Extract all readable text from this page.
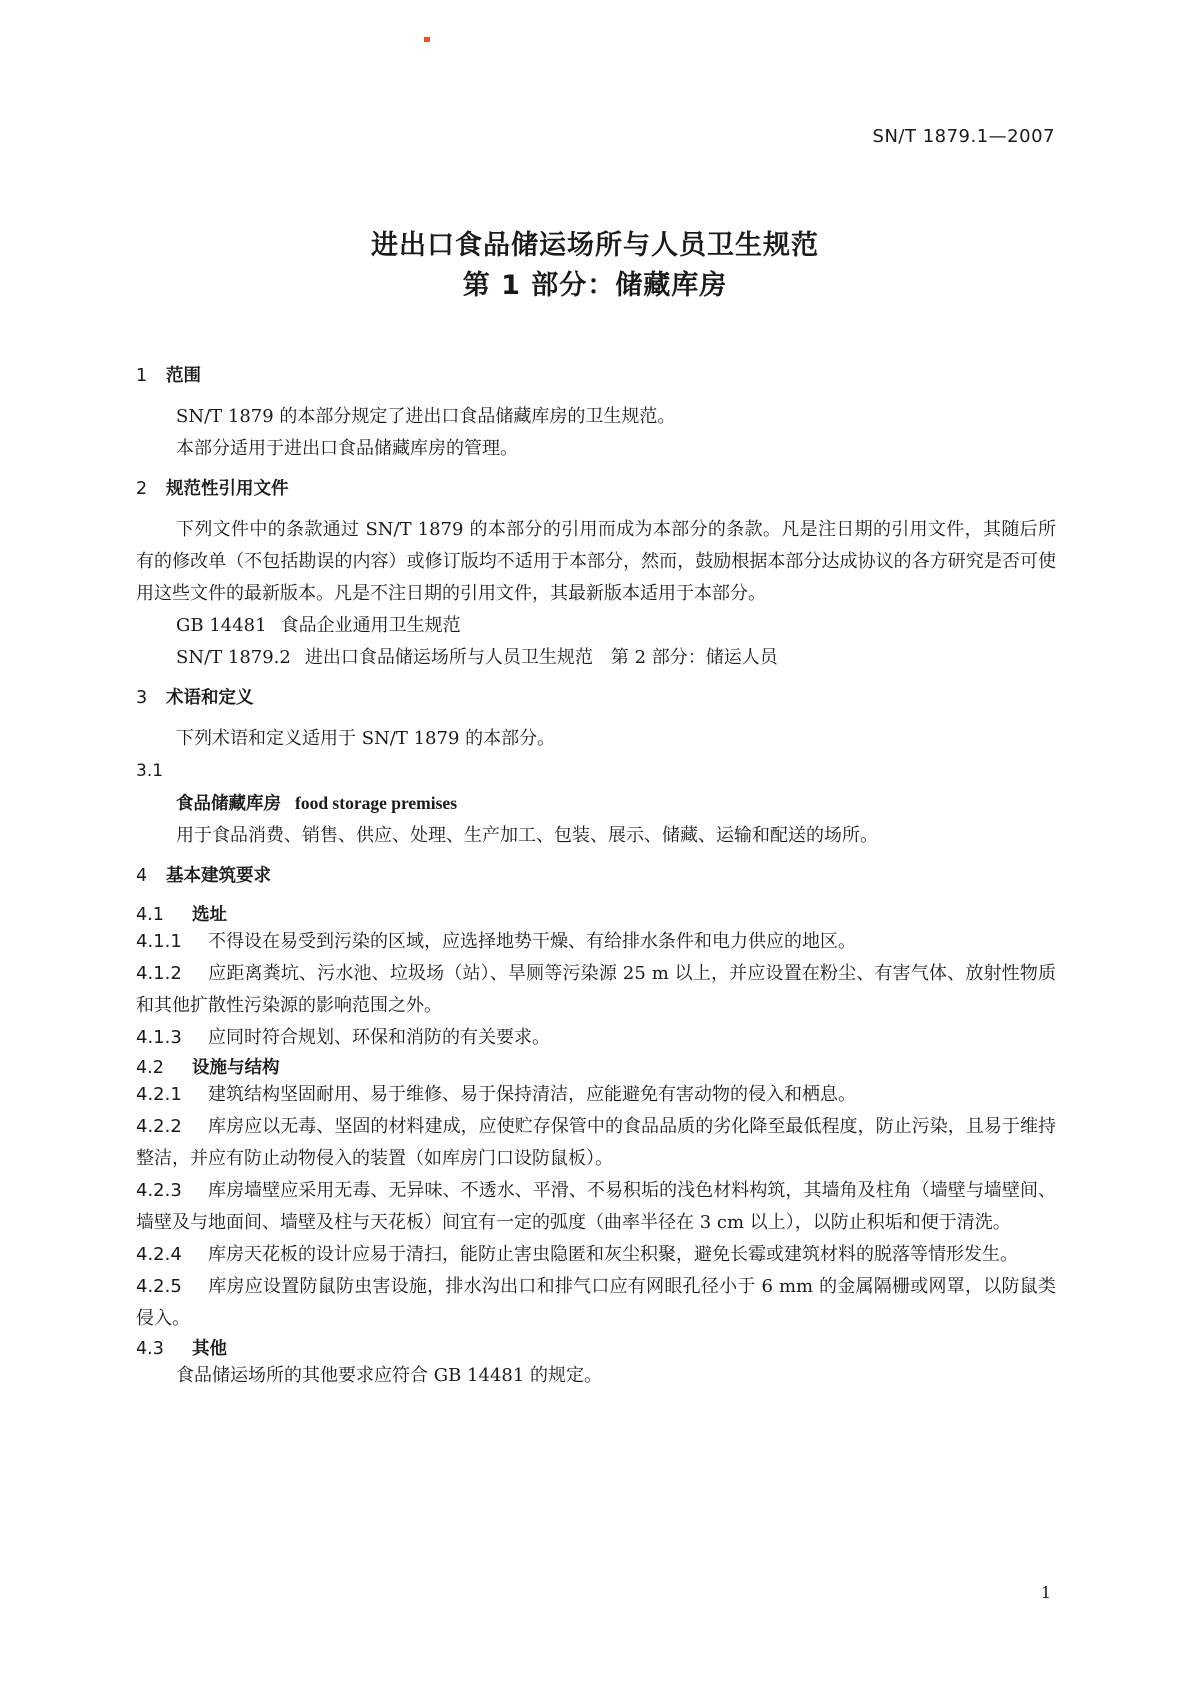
SN/T 1879.1—2007
进出口食品储运场所与人员卫生规范
第 1 部分：储藏库房
1 范围

SN/T 1879 的本部分规定了进出口食品储藏库房的卫生规范。

本部分适用于进出口食品储藏库房的管理。

2 规范性引用文件

下列文件中的条款通过 SN/T 1879 的本部分的引用而成为本部分的条款。凡是注日期的引用文件，其随后所有的修改单（不包括勘误的内容）或修订版均不适用于本部分，然而，鼓励根据本部分达成协议的各方研究是否可使用这些文件的最新版本。凡是不注日期的引用文件，其最新版本适用于本部分。

GB 14481 食品企业通用卫生规范
SN/T 1879.2 进出口食品储运场所与人员卫生规范　第 2 部分：储运人员
3 术语和定义

下列术语和定义适用于 SN/T 1879 的本部分。

3.1

食品储藏库房 food storage premises

用于食品消费、销售、供应、处理、生产加工、包装、展示、储藏、运输和配送的场所。

4 基本建筑要求
4.1 选址
4.1.1 不得设在易受到污染的区域，应选择地势干燥、有给排水条件和电力供应的地区。
4.1.2 应距离粪坑、污水池、垃圾场（站）、旱厕等污染源 25 m 以上，并应设置在粉尘、有害气体、放射性物质和其他扩散性污染源的影响范围之外。
4.1.3 应同时符合规划、环保和消防的有关要求。
4.2 设施与结构
4.2.1 建筑结构坚固耐用、易于维修、易于保持清洁，应能避免有害动物的侵入和栖息。
4.2.2 库房应以无毒、坚固的材料建成，应使贮存保管中的食品品质的劣化降至最低程度，防止污染，且易于维持整洁，并应有防止动物侵入的装置（如库房门口设防鼠板）。
4.2.3 库房墙壁应采用无毒、无异味、不透水、平滑、不易积垢的浅色材料构筑，其墙角及柱角（墙壁与墙壁间、墙壁及与地面间、墙壁及柱与天花板）间宜有一定的弧度（曲率半径在 3 cm 以上），以防止积垢和便于清洗。
4.2.4 库房天花板的设计应易于清扫，能防止害虫隐匿和灰尘积聚，避免长霉或建筑材料的脱落等情形发生。
4.2.5 库房应设置防鼠防虫害设施，排水沟出口和排气口应有网眼孔径小于 6 mm 的金属隔栅或网罩，以防鼠类侵入。
4.3 其他

食品储运场所的其他要求应符合 GB 14481 的规定。

1
